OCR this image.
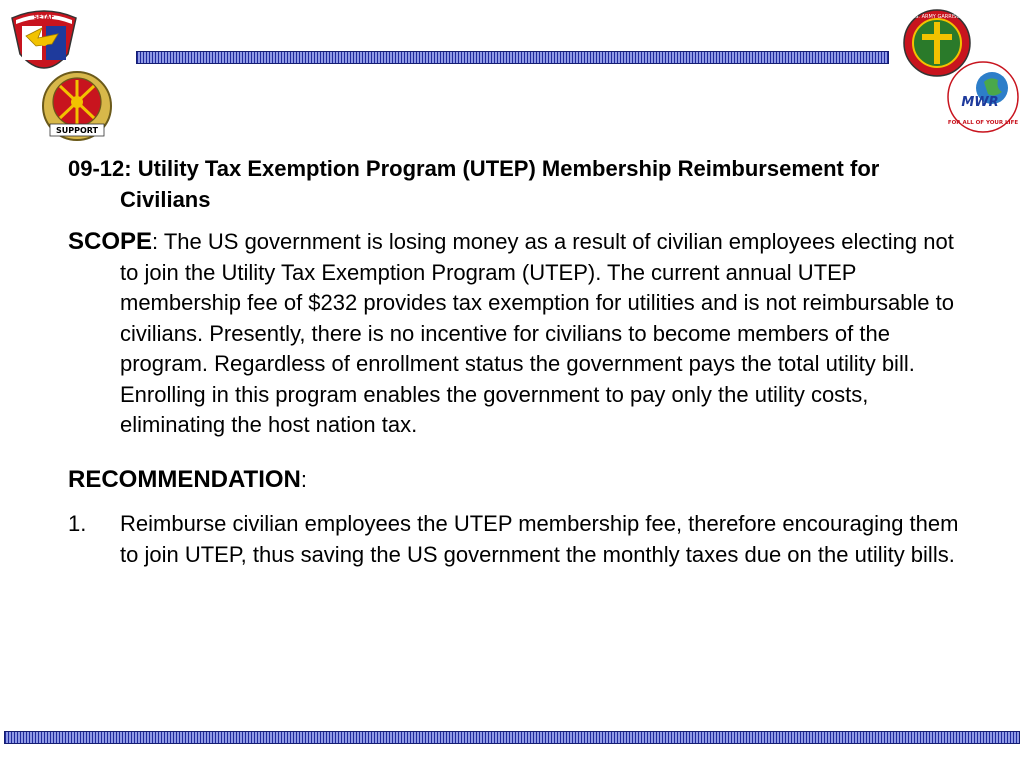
SETAF
SUPPORT
U.S. ARMY GARRISON
MWR
FOR ALL OF YOUR LIFE

09-12: Utility Tax Exemption Program (UTEP) Membership Reimbursement for Civilians

SCOPE: The US government is losing money as a result of civilian employees electing not to join the Utility Tax Exemption Program (UTEP). The current annual UTEP membership fee of $232 provides tax exemption for utilities and is not reimbursable to civilians. Presently, there is no incentive for civilians to become members of the program. Regardless of enrollment status the government pays the total utility bill. Enrolling in this program enables the government to pay only the utility costs, eliminating the host nation tax.

RECOMMENDATION:

1. Reimburse civilian employees the UTEP membership fee, therefore encouraging them to join UTEP, thus saving the US government the monthly taxes due on the utility bills.
